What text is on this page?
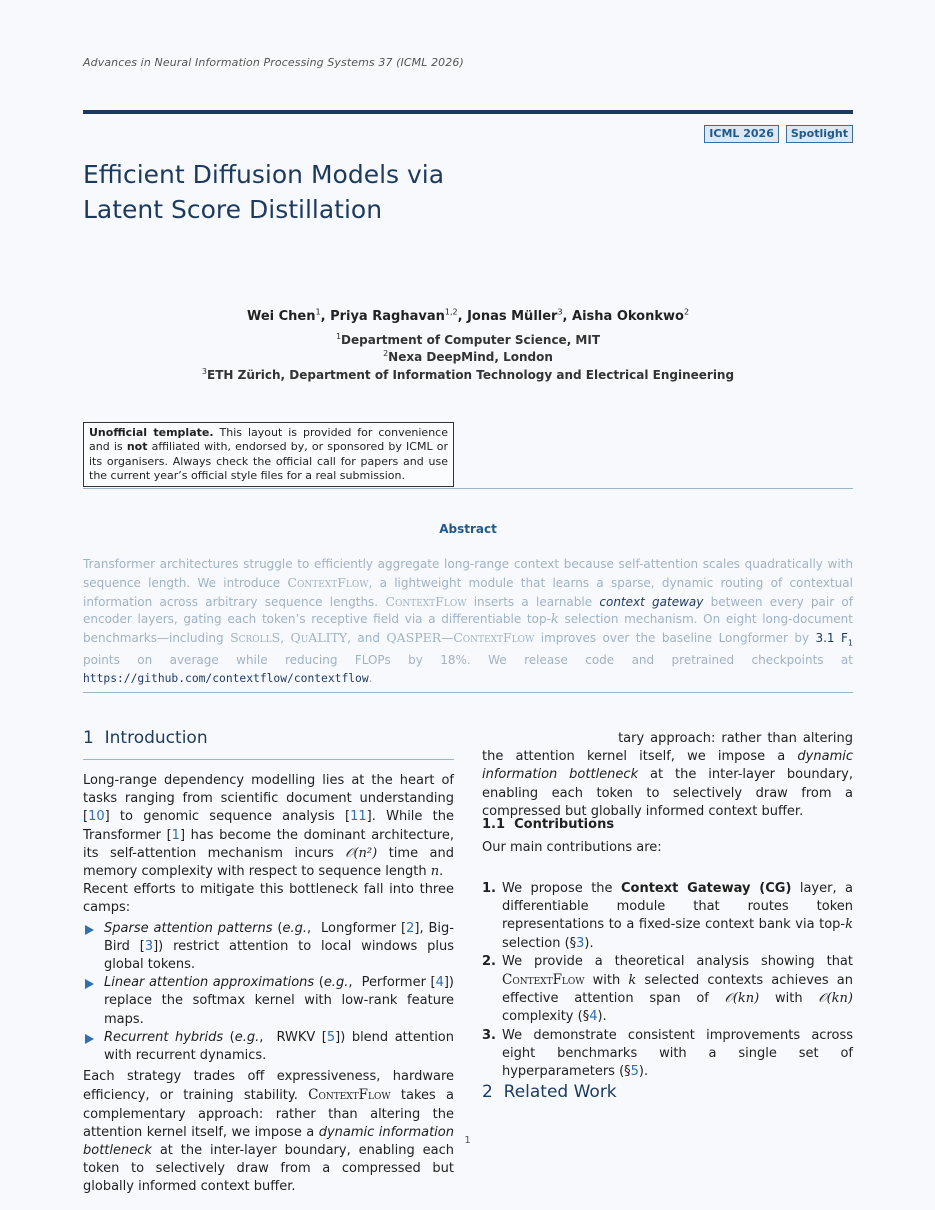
Advances in Neural Information Processing Systems 37 (ICML 2026)
ICML 2026	Spotlight
Efficient Diffusion Models via
Latent Score Distillation
Wei Chen$^1$, Priya Raghavan$^{1,2}$, Jonas Müller$^3$, Aisha Okonkwo$^2$
$^1$Department of Computer Science, MIT
$^2$Nexa DeepMind, London
$^3$ETH Zürich, Department of Information Technology and Electrical Engineering
Unofficial template. This layout is provided for convenience and is not affiliated with, endorsed by, or sponsored by ICML or its organisers. Always check the official call for papers and use the current year’s official style files for a real submission.
Abstract

Transformer architectures struggle to efficiently aggregate long-range context because self-attention scales quadratically with sequence length. We introduce ContextFlow, a lightweight module that learns a sparse, dynamic routing of contextual information across arbitrary sequence lengths. ContextFlow inserts a learnable context gateway between every pair of encoder layers, gating each token’s receptive field via a differentiable top-k selection mechanism. On eight long-document benchmarks—including ScrollS, QuALITY, and QASPER—ContextFlow improves over the baseline Longformer by 3.1 $F_1$ points on average while reducing FLOPs by 18%. We release code and pretrained checkpoints at https://github.com/contextflow/contextflow.

1 Introduction

Long-range dependency modelling lies at the heart of tasks ranging from scientific document understanding [10] to genomic sequence analysis [11]. While the Transformer [1] has become the dominant architecture, its self-attention mechanism incurs 𝒪(n²) time and memory complexity with respect to sequence length n.

Recent efforts to mitigate this bottleneck fall into three camps:

Sparse attention patterns (e.g.,  Longformer [2], Big-Bird [3]) restrict attention to local windows plus global tokens.
Linear attention approximations (e.g.,  Performer [4]) replace the softmax kernel with low-rank feature maps.
Recurrent hybrids (e.g.,  RWKV [5]) blend attention with recurrent dynamics.

Each strategy trades off expressiveness, hardware efficiency, or training stability. ContextFlow takes a complementary approach: rather than altering the attention kernel itself, we impose a dynamic information bottleneck at the inter-layer boundary, enabling each token to selectively draw from a compressed but globally informed context buffer.

tary approach: rather than altering the attention kernel itself, we impose a dynamic information bottleneck at the inter-layer boundary, enabling each token to selectively draw from a compressed but globally informed context buffer.

1.1 Contributions
Our main contributions are:
1. We propose the Context Gateway (CG) layer, a differentiable module that routes token representations to a fixed-size context bank via top-k selection (§3).
2. We provide a theoretical analysis showing that ContextFlow with k selected contexts achieves an effective attention span of 𝒪(kn) with 𝒪(kn) complexity (§4).
3. We demonstrate consistent improvements across eight benchmarks with a single set of hyperparameters (§5).
2 Related Work
1
